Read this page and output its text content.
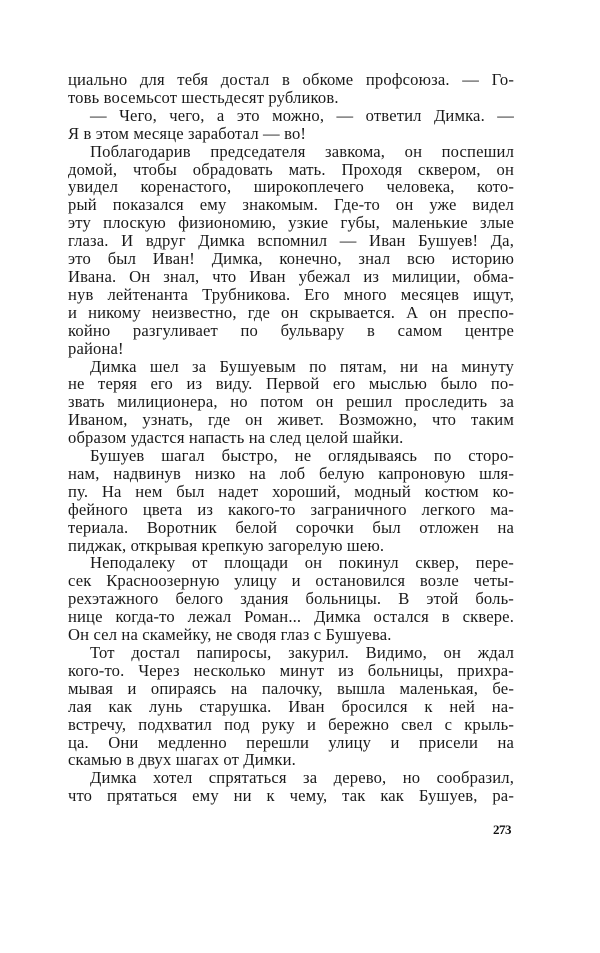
циально для тебя достал в обкоме профсоюза. — Го-
товь восемьсот шестьдесят рубликов.
— Чего, чего, а это можно, — ответил Димка. —
Я в этом месяце заработал — во!
Поблагодарив председателя завкома, он поспешил
домой, чтобы обрадовать мать. Проходя сквером, он
увидел коренастого, широкоплечего человека, кото-
рый показался ему знакомым. Где-то он уже видел
эту плоскую физиономию, узкие губы, маленькие злые
глаза. И вдруг Димка вспомнил — Иван Бушуев! Да,
это был Иван! Димка, конечно, знал всю историю
Ивана. Он знал, что Иван убежал из милиции, обма-
нув лейтенанта Трубникова. Его много месяцев ищут,
и никому неизвестно, где он скрывается. А он преспо-
койно разгуливает по бульвару в самом центре
района!
Димка шел за Бушуевым по пятам, ни на минуту
не теряя его из виду. Первой его мыслью было по-
звать милиционера, но потом он решил проследить за
Иваном, узнать, где он живет. Возможно, что таким
образом удастся напасть на след целой шайки.
Бушуев шагал быстро, не оглядываясь по сторо-
нам, надвинув низко на лоб белую капроновую шля-
пу. На нем был надет хороший, модный костюм ко-
фейного цвета из какого-то заграничного легкого ма-
териала. Воротник белой сорочки был отложен на
пиджак, открывая крепкую загорелую шею.
Неподалеку от площади он покинул сквер, пере-
сек Красноозерную улицу и остановился возле четы-
рехэтажного белого здания больницы. В этой боль-
нице когда-то лежал Роман... Димка остался в сквере.
Он сел на скамейку, не сводя глаз с Бушуева.
Тот достал папиросы, закурил. Видимо, он ждал
кого-то. Через несколько минут из больницы, прихра-
мывая и опираясь на палочку, вышла маленькая, бе-
лая как лунь старушка. Иван бросился к ней на-
встречу, подхватил под руку и бережно свел с крыль-
ца. Они медленно перешли улицу и присели на
скамью в двух шагах от Димки.
Димка хотел спрятаться за дерево, но сообразил,
что прятаться ему ни к чему, так как Бушуев, ра-
273
